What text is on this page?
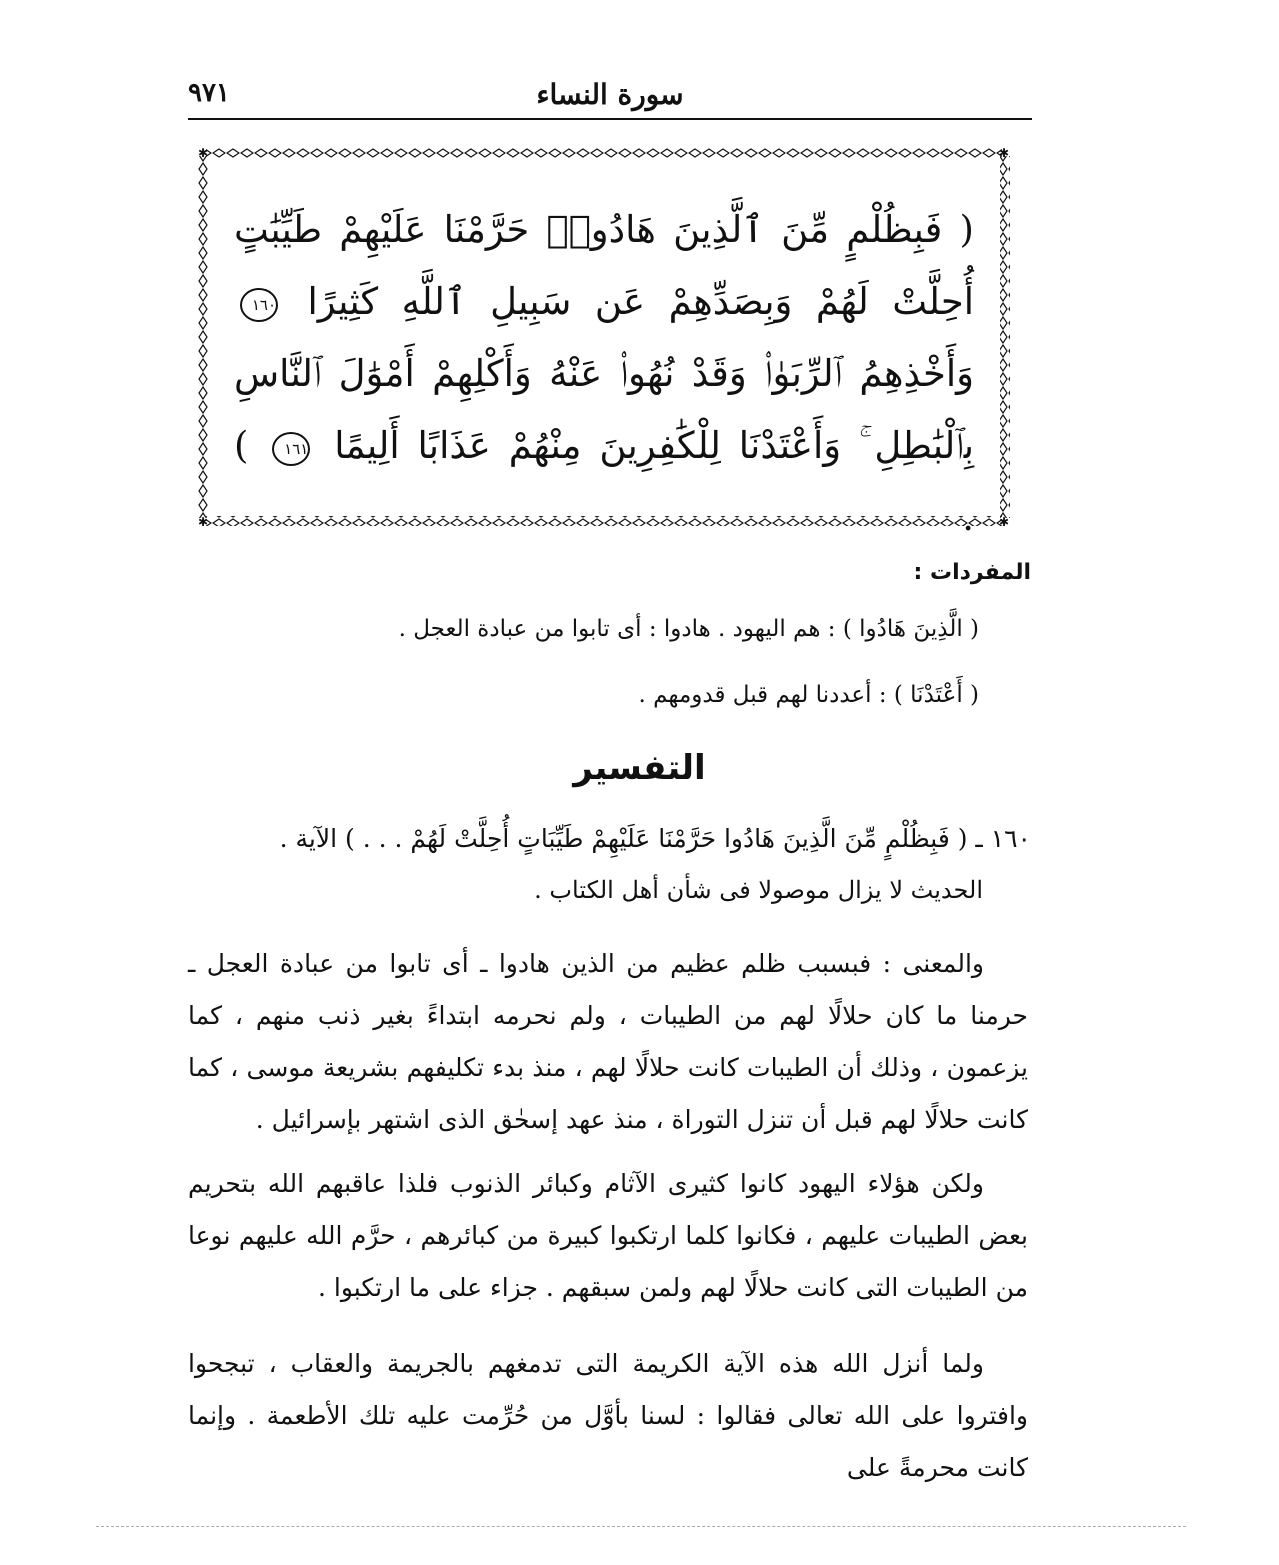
٩٧١	سورة النساء
✱	✱
✱	✱
( فَبِظُلْمٍ مِّنَ ٱلَّذِينَ هَادُوا۟ حَرَّمْنَا عَلَيْهِمْ طَيِّبَٰتٍ أُحِلَّتْ لَهُمْ وَبِصَدِّهِمْ عَن سَبِيلِ ٱللَّهِ كَثِيرًا ١٦٠ وَأَخْذِهِمُ ٱلرِّبَوٰا۟ وَقَدْ نُهُوا۟ عَنْهُ وَأَكْلِهِمْ أَمْوَٰلَ ٱلنَّاسِ بِٱلْبَٰطِلِ ۚ وَأَعْتَدْنَا لِلْكَٰفِرِينَ مِنْهُمْ عَذَابًا أَلِيمًا ١٦١ ) .
المفردات :
( الَّذِينَ هَادُوا ) : هم اليهود . هادوا : أى تابوا من عبادة العجل .
( أَعْتَدْنَا ) : أعددنا لهم قبل قدومهم .
التفسير
١٦٠ ـ ( فَبِظُلْمٍ مِّنَ الَّذِينَ هَادُوا حَرَّمْنَا عَلَيْهِمْ طَيِّبَاتٍ أُحِلَّتْ لَهُمْ . . . ) الآية .
الحديث لا يزال موصولا فى شأن أهل الكتاب .
والمعنى : فبسبب ظلم عظيم من الذين هادوا ـ أى تابوا من عبادة العجل ـ حرمنا ما كان حلالًا لهم من الطيبات ، ولم نحرمه ابتداءً بغير ذنب منهم ، كما يزعمون ، وذلك أن الطيبات كانت حلالًا لهم ، منذ بدء تكليفهم بشريعة موسى ، كما كانت حلالًا لهم قبل أن تنزل التوراة ، منذ عهد إسحٰق الذى اشتهر بإسرائيل .
ولكن هؤلاء اليهود كانوا كثيرى الآثام وكبائر الذنوب فلذا عاقبهم الله بتحريم بعض الطيبات عليهم ، فكانوا كلما ارتكبوا كبيرة من كبائرهم ، حرَّم الله عليهم نوعا من الطيبات التى كانت حلالًا لهم ولمن سبقهم . جزاء على ما ارتكبوا .
ولما أنزل الله هذه الآية الكريمة التى تدمغهم بالجريمة والعقاب ، تبجحوا وافتروا على الله تعالى فقالوا : لسنا بأوَّل من حُرِّمت عليه تلك الأطعمة . وإنما كانت محرمةً على
